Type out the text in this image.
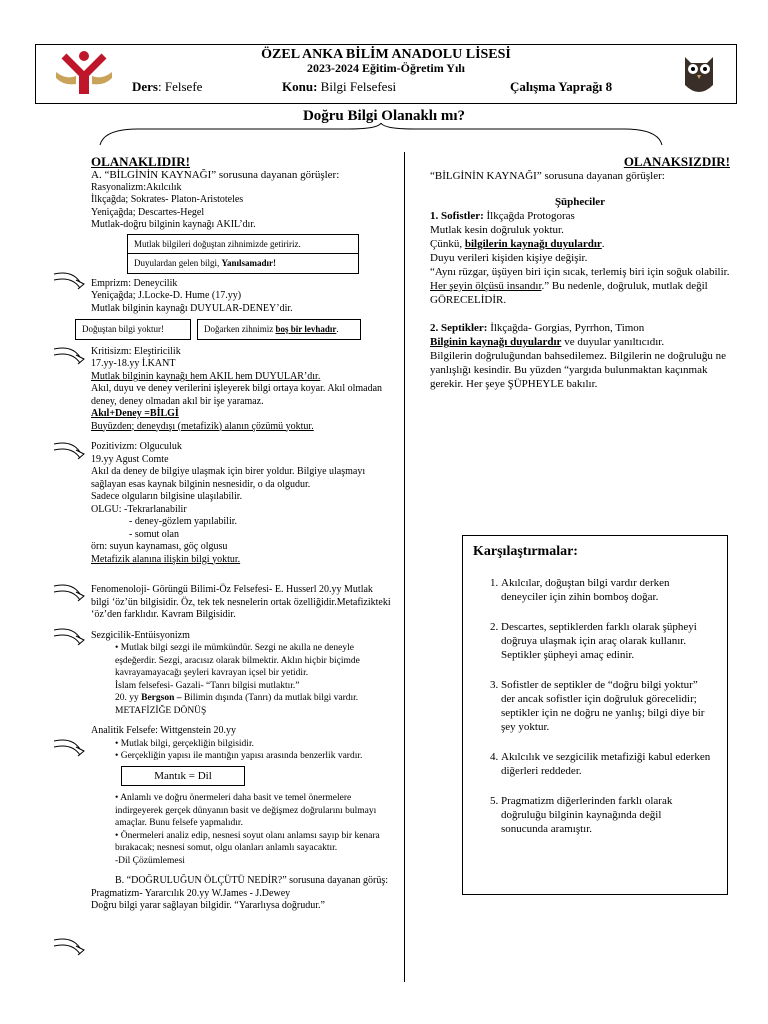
ÖZEL ANKA BİLİM ANADOLU LİSESİ
2023-2024 Eğitim-Öğretim Yılı
Ders: Felsefe	Konu: Bilgi Felsefesi	Çalışma Yaprağı 8
Doğru Bilgi Olanaklı mı?
OLANAKLIDIR!
A. “BİLGİNİN KAYNAĞI” sorusuna dayanan görüşler:
Rasyonalizm:Akılcılık
İlkçağda; Sokrates- Platon-Aristoteles
Yeniçağda; Descartes-Hegel
Mutlak-doğru bilginin kaynağı AKIL’dır.
Mutlak bilgileri doğuştan zihnimizde getiririz.
Duyulardan gelen bilgi, Yanılsamadır!
Emprizm: Deneycilik
Yeniçağda; J.Locke-D. Hume (17.yy)
Mutlak bilginin kaynağı DUYULAR-DENEY’dir.
Doğuştan bilgi yoktur!	Doğarken zihnimiz boş bir levhadır.
Kritisizm: Eleştiricilik
17.yy-18.yy İ.KANT
Mutlak bilginin kaynağı hem AKIL hem DUYULAR’dır.
Akıl, duyu ve deney verilerini işleyerek bilgi ortaya koyar. Akıl olmadan deney, deney olmadan akıl bir işe yaramaz.
Akıl+Deney =BİLGİ
Buyüzden; deneydışı (metafizik) alanın çözümü yoktur.
Pozitivizm: Olguculuk
19.yy Agust Comte
Akıl da deney de bilgiye ulaşmak için birer yoldur. Bilgiye ulaşmayı sağlayan esas kaynak bilginin nesnesidir, o da olgudur.
Sadece olguların bilgisine ulaşılabilir.
OLGU: -Tekrarlanabilir
- deney-gözlem yapılabilir.
- somut olan
örn: suyun kaynaması, göç olgusu
Metafizik alanına ilişkin bilgi yoktur.
Fenomenoloji- Görüngü Bilimi-Öz Felsefesi- E. Husserl 20.yy Mutlak bilgi ‘öz’ün bilgisidir. Öz, tek tek nesnelerin ortak özelliğidir.Metafizikteki ‘öz’den farklıdır. Kavram Bilgisidir.
Sezgicilik-Entüisyonizm
• Mutlak bilgi sezgi ile mümkündür. Sezgi ne akılla ne deneyle eşdeğerdir. Sezgi, aracısız olarak bilmektir. Aklın hiçbir biçimde kavrayamayacağı şeyleri kavrayan içsel bir yetidir.
İslam felsefesi- Gazali- “Tanrı bilgisi mutlaktır.”
20. yy Bergson – Bilimin dışında (Tanrı) da mutlak bilgi vardır. METAFİZİĞE DÖNÜŞ
Analitik Felsefe: Wittgenstein 20.yy
• Mutlak bilgi, gerçekliğin bilgisidir.
• Gerçekliğin yapısı ile mantığın yapısı arasında benzerlik vardır.
Mantık = Dil
• Anlamlı ve doğru önermeleri daha basit ve temel önermelere indirgeyerek gerçek dünyanın basit ve değişmez doğrularını bulmayı amaçlar. Bunu felsefe yapmalıdır.
• Önermeleri analiz edip, nesnesi soyut olanı anlamsı sayıp bir kenara bırakacak; nesnesi somut, olgu olanları anlamlı sayacaktır.
-Dil Çözümlemesi
B. “DOĞRULUĞUN ÖLÇÜTÜ NEDİR?” sorusuna dayanan görüş:
Pragmatizm- Yararcılık 20.yy W.James - J.Dewey
Doğru bilgi yarar sağlayan bilgidir. “Yararlıysa doğrudur.”
OLANAKSIZDIR!
“BİLGİNİN KAYNAĞI” sorusuna dayanan görüşler:
Şüpheciler
1. Sofistler: İlkçağda Protogoras
Mutlak kesin doğruluk yoktur.
Çünkü, bilgilerin kaynağı duyulardır.
Duyu verileri kişiden kişiye değişir.
“Aynı rüzgar, üşüyen biri için sıcak, terlemiş biri için soğuk olabilir. Her şeyin ölçüsü insandır.” Bu nedenle, doğruluk, mutlak değil GÖRECELİDİR.
2. Septikler: İlkçağda- Gorgias, Pyrrhon, Timon
Bilginin kaynağı duyulardır ve duyular yanıltıcıdır.
Bilgilerin doğruluğundan bahsedilemez. Bilgilerin ne doğruluğu ne yanlışlığı kesindir. Bu yüzden “yargıda bulunmaktan kaçınmak gerekir. Her şeye ŞÜPHEYLE bakılır.
Karşılaştırmalar:
1. Akılcılar, doğuştan bilgi vardır derken deneyciler için zihin bomboş doğar.
2. Descartes, septiklerden farklı olarak şüpheyi doğruya ulaşmak için araç olarak kullanır. Septikler şüpheyi amaç edinir.
3. Sofistler de septikler de “doğru bilgi yoktur” der ancak sofistler için doğruluk görecelidir; septikler için ne doğru ne yanlış; bilgi diye bir şey yoktur.
4. Akılcılık ve sezgicilik metafiziği kabul ederken diğerleri reddeder.
5. Pragmatizm diğerlerinden farklı olarak doğruluğu bilginin kaynağında değil sonucunda aramıştır.
